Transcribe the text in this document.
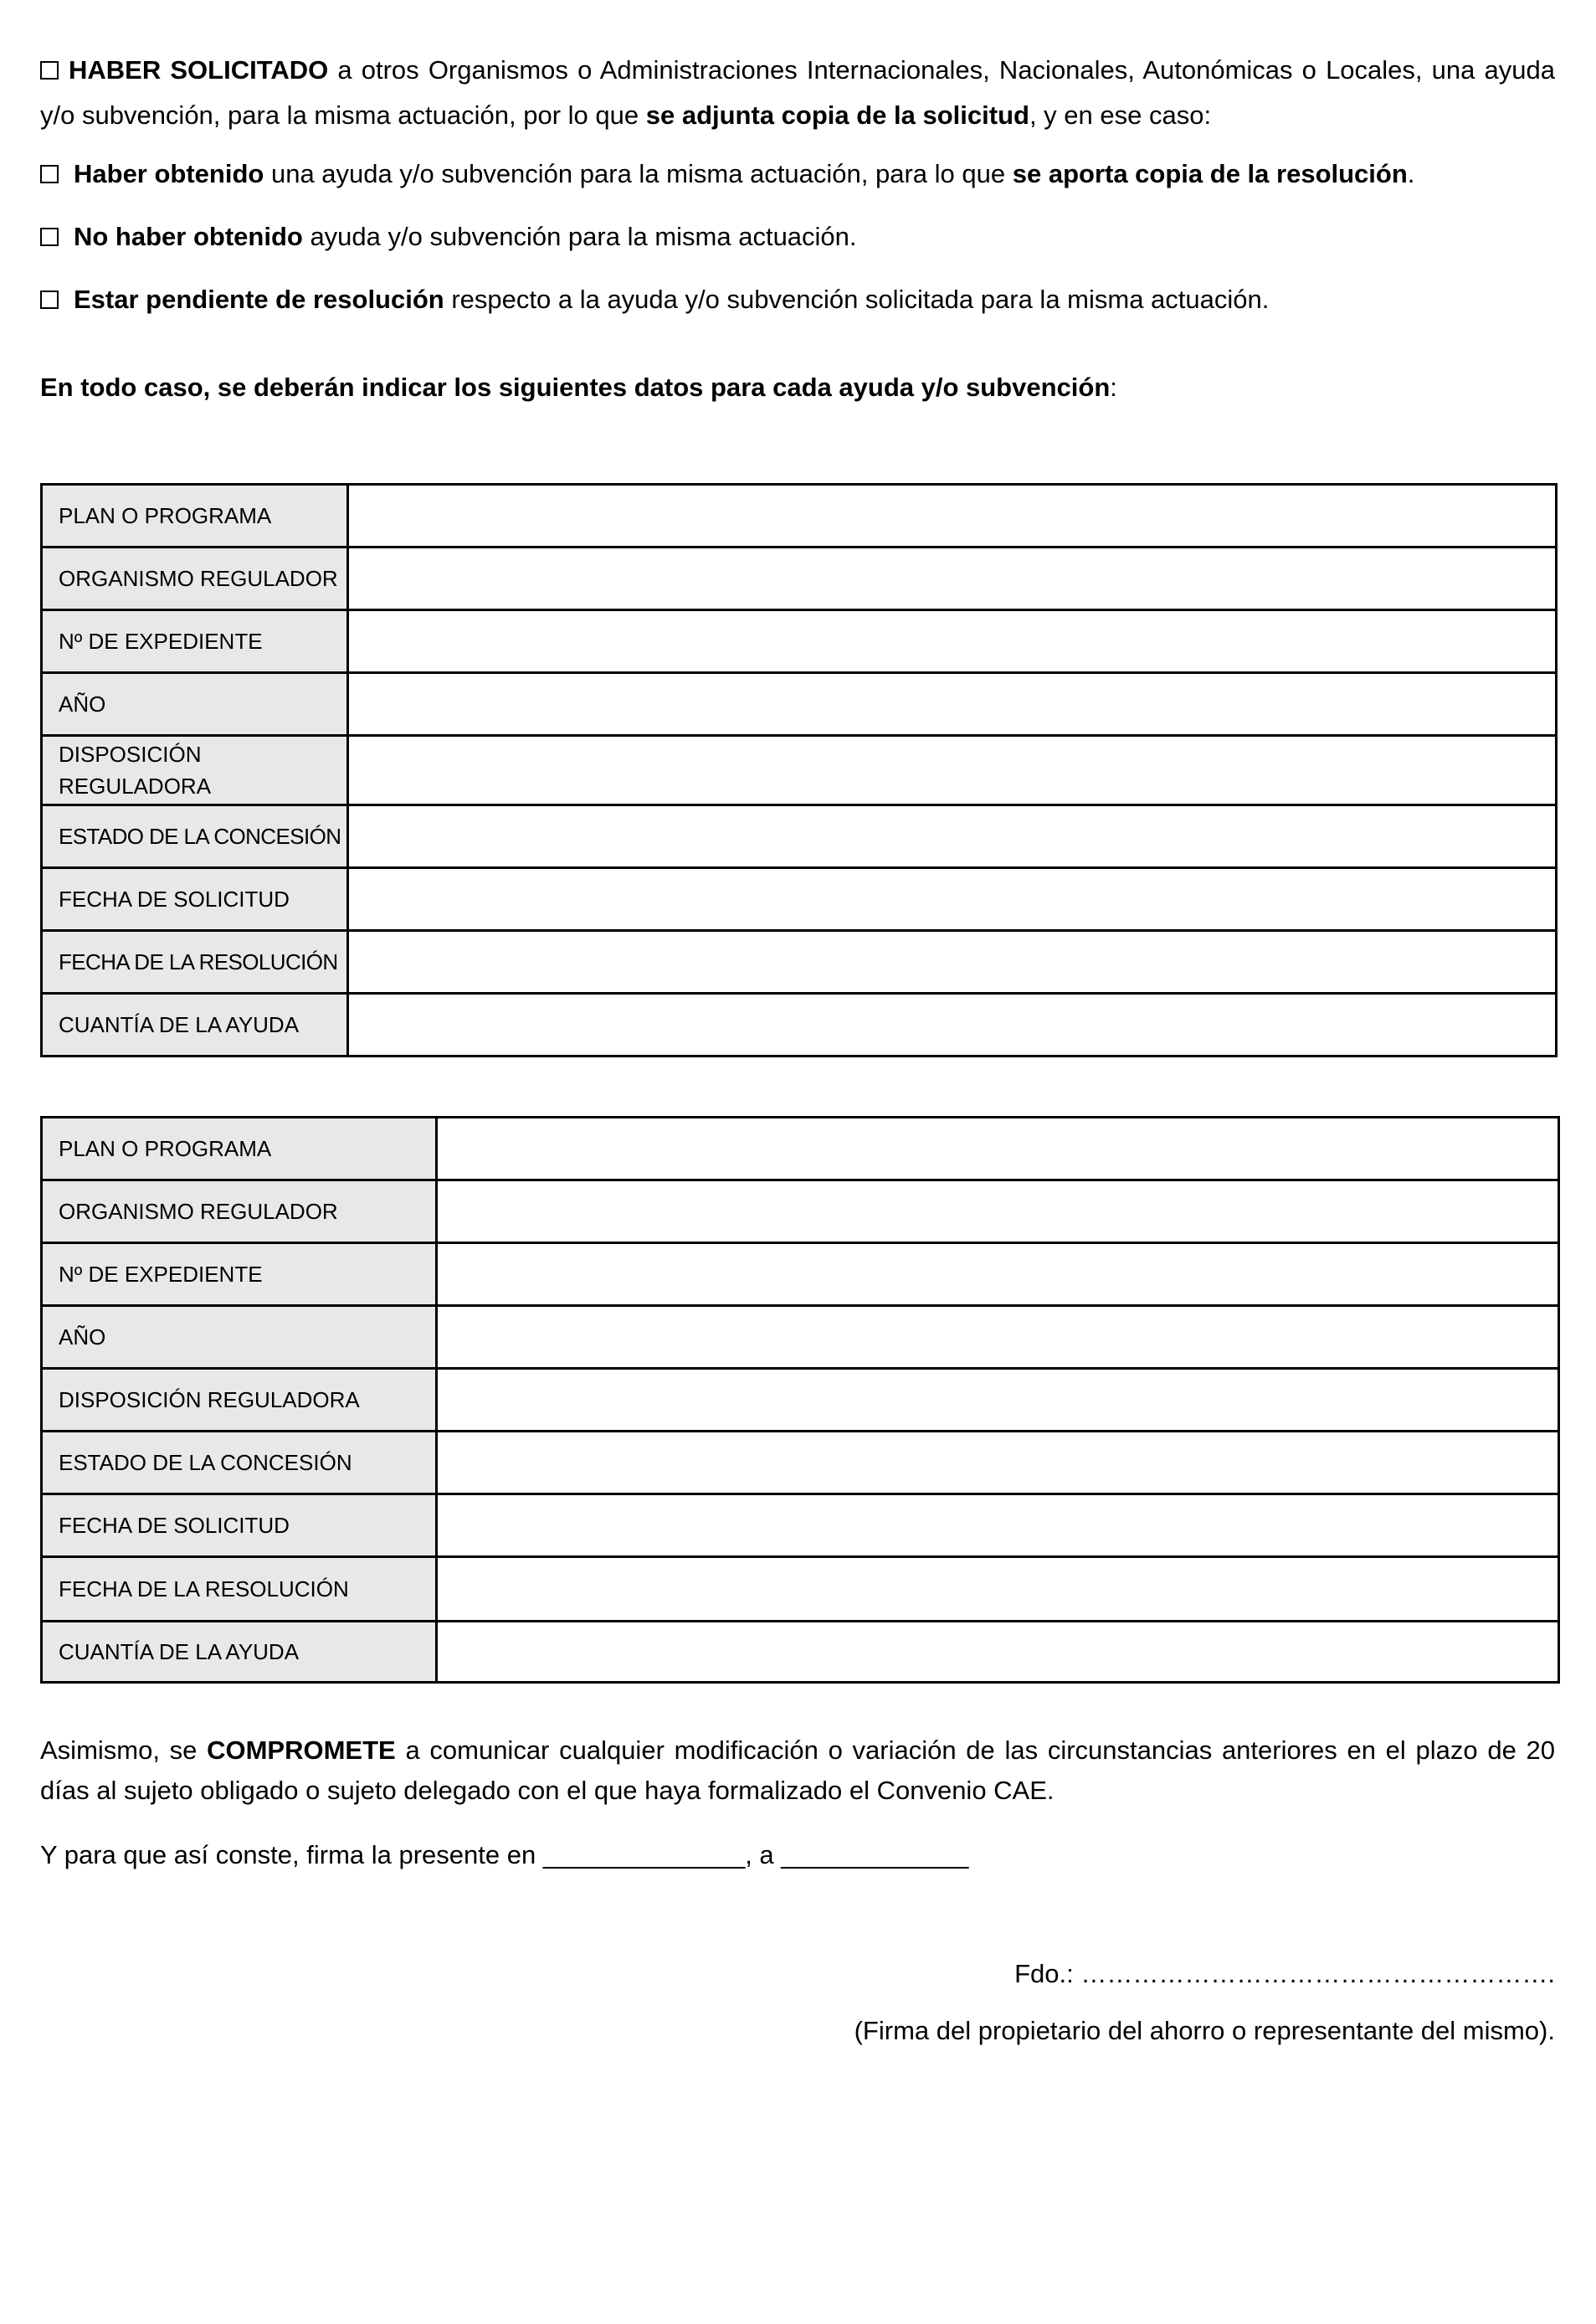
HABER SOLICITADO a otros Organismos o Administraciones Internacionales, Nacionales, Autonómicas o Locales, una ayuda y/o subvención, para la misma actuación, por lo que se adjunta copia de la solicitud, y en ese caso:

Haber obtenido una ayuda y/o subvención para la misma actuación, para lo que se aporta copia de la resolución.
No haber obtenido ayuda y/o subvención para la misma actuación.
Estar pendiente de resolución respecto a la ayuda y/o subvención solicitada para la misma actuación.
En todo caso, se deberán indicar los siguientes datos para cada ayuda y/o subvención:
PLAN O PROGRAMA	
ORGANISMO REGULADOR	
Nº DE EXPEDIENTE	
AÑO	
DISPOSICIÓN REGULADORA	
ESTADO DE LA CONCESIÓN	
FECHA DE SOLICITUD	
FECHA DE LA RESOLUCIÓN	
CUANTÍA DE LA AYUDA	
PLAN O PROGRAMA	
ORGANISMO REGULADOR	
Nº DE EXPEDIENTE	
AÑO	
DISPOSICIÓN REGULADORA	
ESTADO DE LA CONCESIÓN	
FECHA DE SOLICITUD	
FECHA DE LA RESOLUCIÓN	
CUANTÍA DE LA AYUDA	

Asimismo, se COMPROMETE a comunicar cualquier modificación o variación de las circunstancias anteriores en el plazo de 20 días al sujeto obligado o sujeto delegado con el que haya formalizado el Convenio CAE.

Y para que así conste, firma la presente en ______________, a _____________
Fdo.: ……………………………………………….
(Firma del propietario del ahorro o representante del mismo).
